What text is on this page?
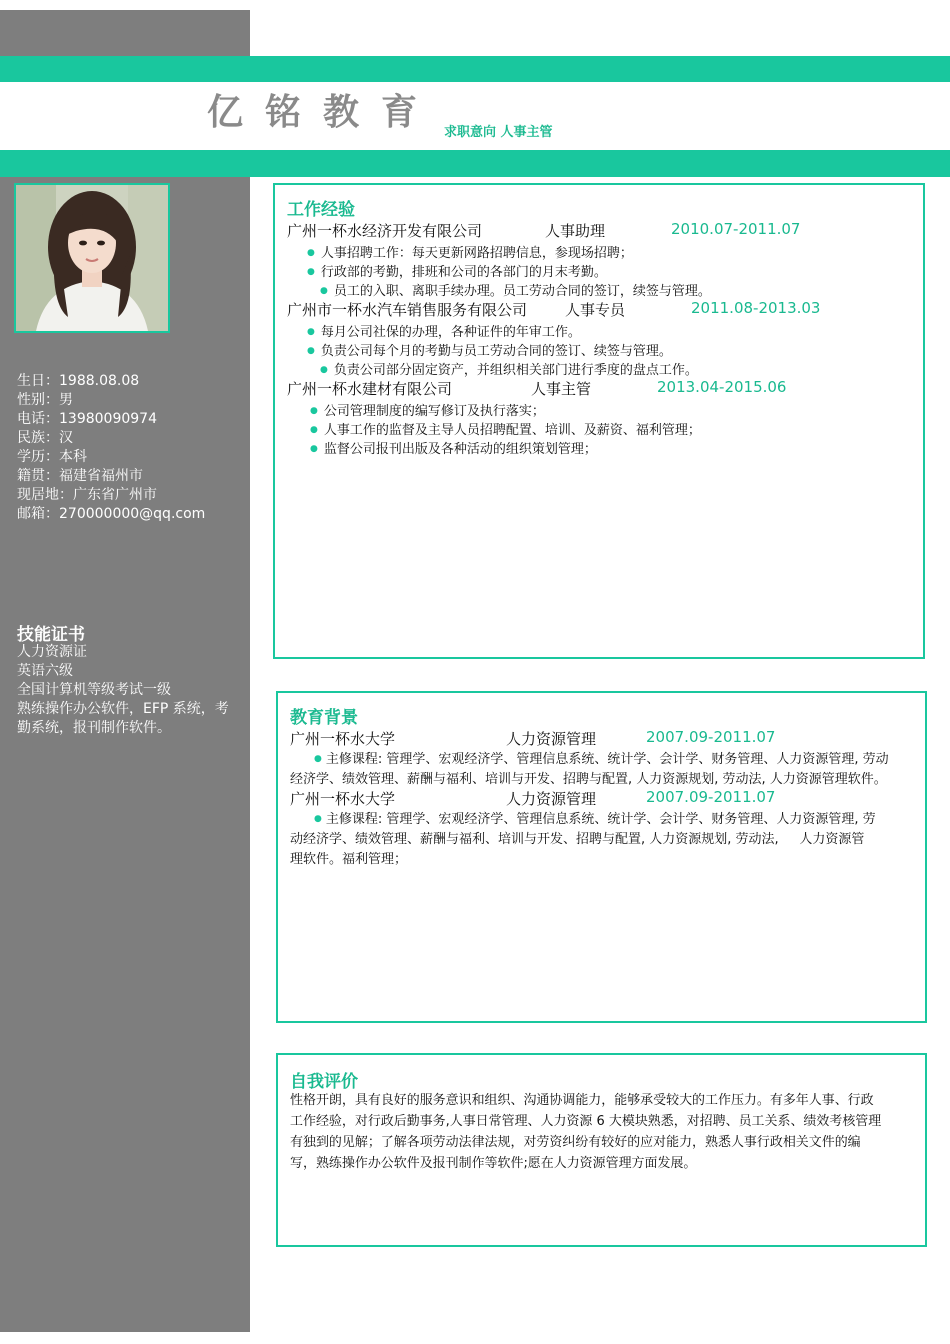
亿铭教育 求职意向 人事主管
生日：1988.08.08
性别：男
电话：13980090974
民族：汉
学历：本科
籍贯：福建省福州市
现居地：广东省广州市
邮箱：270000000@qq.com
技能证书
人力资源证
英语六级
全国计算机等级考试一级
熟练操作办公软件，EFP 系统，考勤系统，报刊制作软件。
工作经验
广州一杯水经济开发有限公司	人事助理	2010.07-2011.07
● 人事招聘工作：每天更新网路招聘信息，参现场招聘；
● 行政部的考勤，排班和公司的各部门的月末考勤。
● 员工的入职、离职手续办理。员工劳动合同的签订，续签与管理。
广州市一杯水汽车销售服务有限公司	人事专员	2011.08-2013.03
● 每月公司社保的办理，各种证件的年审工作。
● 负责公司每个月的考勤与员工劳动合同的签订、续签与管理。
● 负责公司部分固定资产，并组织相关部门进行季度的盘点工作。
广州一杯水建材有限公司	人事主管	2013.04-2015.06
● 公司管理制度的编写修订及执行落实；
● 人事工作的监督及主导人员招聘配置、培训、及薪资、福利管理；
● 监督公司报刊出版及各种活动的组织策划管理；
教育背景
广州一杯水大学	人力资源管理	2007.09-2011.07
● 主修课程: 管理学、宏观经济学、管理信息系统、统计学、会计学、财务管理、人力资源管理, 劳动
经济学、绩效管理、薪酬与福利、培训与开发、招聘与配置, 人力资源规划, 劳动法, 人力资源管理软件。
广州一杯水大学	人力资源管理	2007.09-2011.07
● 主修课程: 管理学、宏观经济学、管理信息系统、统计学、会计学、财务管理、人力资源管理, 劳
动经济学、绩效管理、薪酬与福利、培训与开发、招聘与配置, 人力资源规划, 劳动法,     人力资源管
理软件。福利管理；
自我评价
性格开朗，具有良好的服务意识和组织、沟通协调能力，能够承受较大的工作压力。有多年人事、行政
工作经验，对行政后勤事务,人事日常管理、人力资源 6 大模块熟悉，对招聘、员工关系、绩效考核管理
有独到的见解；了解各项劳动法律法规，对劳资纠纷有较好的应对能力，熟悉人事行政相关文件的编
写，熟练操作办公软件及报刊制作等软件;愿在人力资源管理方面发展。
